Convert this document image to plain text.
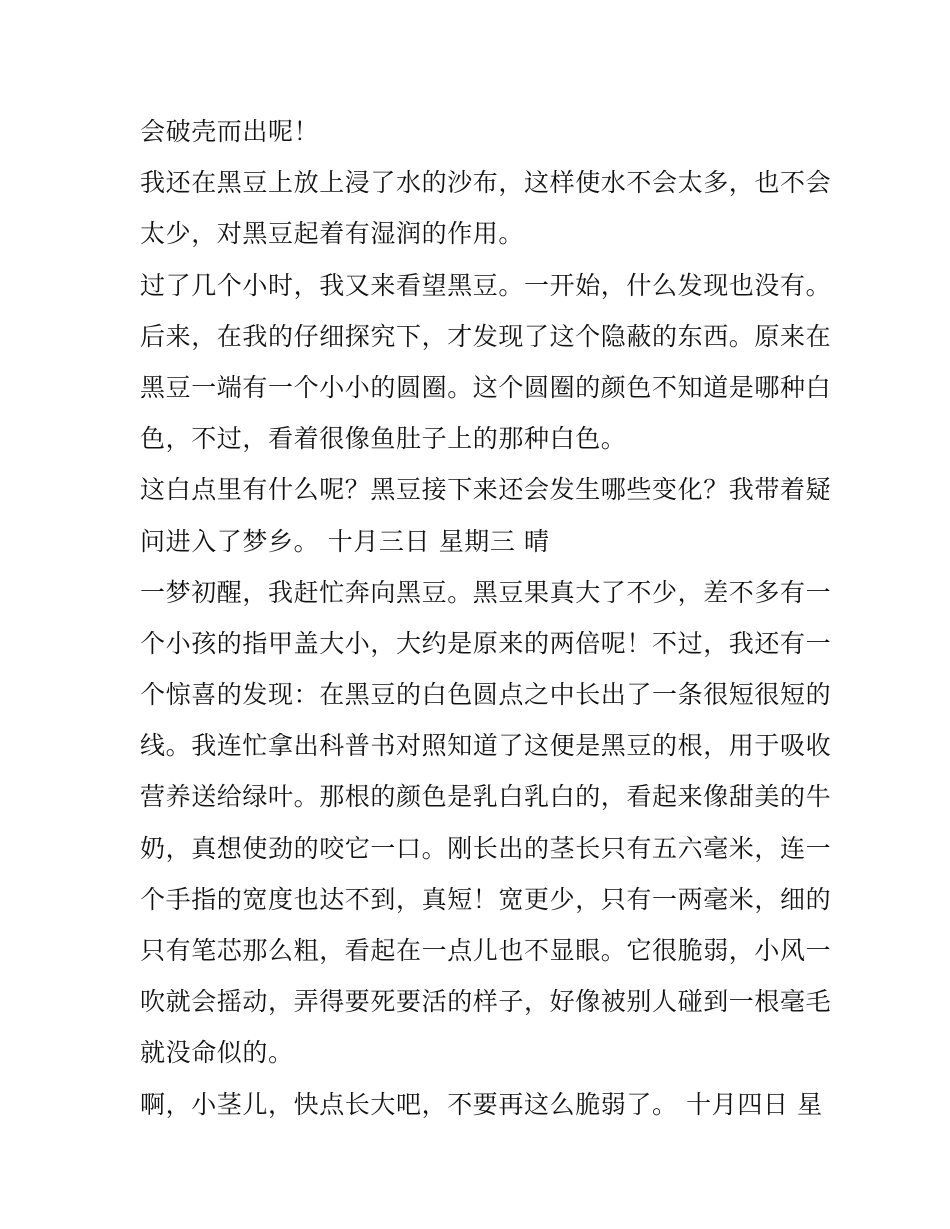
会破壳而出呢！
我还在黑豆上放上浸了水的沙布，这样使水不会太多，也不会
太少，对黑豆起着有湿润的作用。
过了几个小时，我又来看望黑豆。一开始，什么发现也没有。
后来，在我的仔细探究下，才发现了这个隐蔽的东西。原来在
黑豆一端有一个小小的圆圈。这个圆圈的颜色不知道是哪种白
色，不过，看着很像鱼肚子上的那种白色。
这白点里有什么呢？黑豆接下来还会发生哪些变化？我带着疑
问进入了梦乡。 十月三日 星期三 晴
一梦初醒，我赶忙奔向黑豆。黑豆果真大了不少，差不多有一
个小孩的指甲盖大小，大约是原来的两倍呢！不过，我还有一
个惊喜的发现：在黑豆的白色圆点之中长出了一条很短很短的
线。我连忙拿出科普书对照知道了这便是黑豆的根，用于吸收
营养送给绿叶。那根的颜色是乳白乳白的，看起来像甜美的牛
奶，真想使劲的咬它一口。刚长出的茎长只有五六毫米，连一
个手指的宽度也达不到，真短！宽更少，只有一两毫米，细的
只有笔芯那么粗，看起在一点儿也不显眼。它很脆弱，小风一
吹就会摇动，弄得要死要活的样子，好像被别人碰到一根毫毛
就没命似的。
啊，小茎儿，快点长大吧，不要再这么脆弱了。 十月四日 星
